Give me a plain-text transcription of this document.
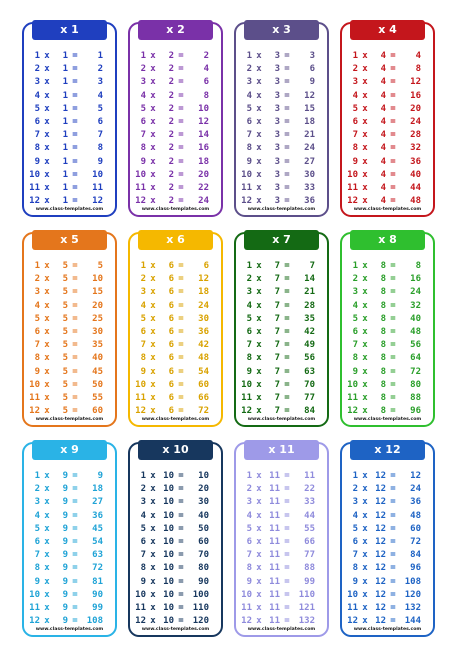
x 1
1 x	1 =	1
2 x	1 =	2
3 x	1 =	3
4 x	1 =	4
5 x	1 =	5
6 x	1 =	6
7 x	1 =	7
8 x	1 =	8
9 x	1 =	9
10 x	1 =	10
11 x	1 =	11
12 x	1 =	12
www.class-templates.com
x 2
1 x	2 =	2
2 x	2 =	4
3 x	2 =	6
4 x	2 =	8
5 x	2 =	10
6 x	2 =	12
7 x	2 =	14
8 x	2 =	16
9 x	2 =	18
10 x	2 =	20
11 x	2 =	22
12 x	2 =	24
www.class-templates.com
x 3
1 x	3 =	3
2 x	3 =	6
3 x	3 =	9
4 x	3 =	12
5 x	3 =	15
6 x	3 =	18
7 x	3 =	21
8 x	3 =	24
9 x	3 =	27
10 x	3 =	30
11 x	3 =	33
12 x	3 =	36
www.class-templates.com
x 4
1 x	4 =	4
2 x	4 =	8
3 x	4 =	12
4 x	4 =	16
5 x	4 =	20
6 x	4 =	24
7 x	4 =	28
8 x	4 =	32
9 x	4 =	36
10 x	4 =	40
11 x	4 =	44
12 x	4 =	48
www.class-templates.com
x 5
1 x	5 =	5
2 x	5 =	10
3 x	5 =	15
4 x	5 =	20
5 x	5 =	25
6 x	5 =	30
7 x	5 =	35
8 x	5 =	40
9 x	5 =	45
10 x	5 =	50
11 x	5 =	55
12 x	5 =	60
www.class-templates.com
x 6
1 x	6 =	6
2 x	6 =	12
3 x	6 =	18
4 x	6 =	24
5 x	6 =	30
6 x	6 =	36
7 x	6 =	42
8 x	6 =	48
9 x	6 =	54
10 x	6 =	60
11 x	6 =	66
12 x	6 =	72
www.class-templates.com
x 7
1 x	7 =	7
2 x	7 =	14
3 x	7 =	21
4 x	7 =	28
5 x	7 =	35
6 x	7 =	42
7 x	7 =	49
8 x	7 =	56
9 x	7 =	63
10 x	7 =	70
11 x	7 =	77
12 x	7 =	84
www.class-templates.com
x 8
1 x	8 =	8
2 x	8 =	16
3 x	8 =	24
4 x	8 =	32
5 x	8 =	40
6 x	8 =	48
7 x	8 =	56
8 x	8 =	64
9 x	8 =	72
10 x	8 =	80
11 x	8 =	88
12 x	8 =	96
www.class-templates.com
x 9
1 x	9 =	9
2 x	9 =	18
3 x	9 =	27
4 x	9 =	36
5 x	9 =	45
6 x	9 =	54
7 x	9 =	63
8 x	9 =	72
9 x	9 =	81
10 x	9 =	90
11 x	9 =	99
12 x	9 =	108
www.class-templates.com
x 10
1 x 10 =	10
2 x 10 =	20
3 x 10 =	30
4 x 10 =	40
5 x 10 =	50
6 x 10 =	60
7 x 10 =	70
8 x 10 =	80
9 x 10 =	90
10 x 10 =	100
11 x 10 =	110
12 x 10 =	120
www.class-templates.com
x 11
1 x 11 =	11
2 x 11 =	22
3 x 11 =	33
4 x 11 =	44
5 x 11 =	55
6 x 11 =	66
7 x 11 =	77
8 x 11 =	88
9 x 11 =	99
10 x 11 =	110
11 x 11 =	121
12 x 11 =	132
www.class-templates.com
x 12
1 x 12 =	12
2 x 12 =	24
3 x 12 =	36
4 x 12 =	48
5 x 12 =	60
6 x 12 =	72
7 x 12 =	84
8 x 12 =	96
9 x 12 =	108
10 x 12 =	120
11 x 12 =	132
12 x 12 =	144
www.class-templates.com
